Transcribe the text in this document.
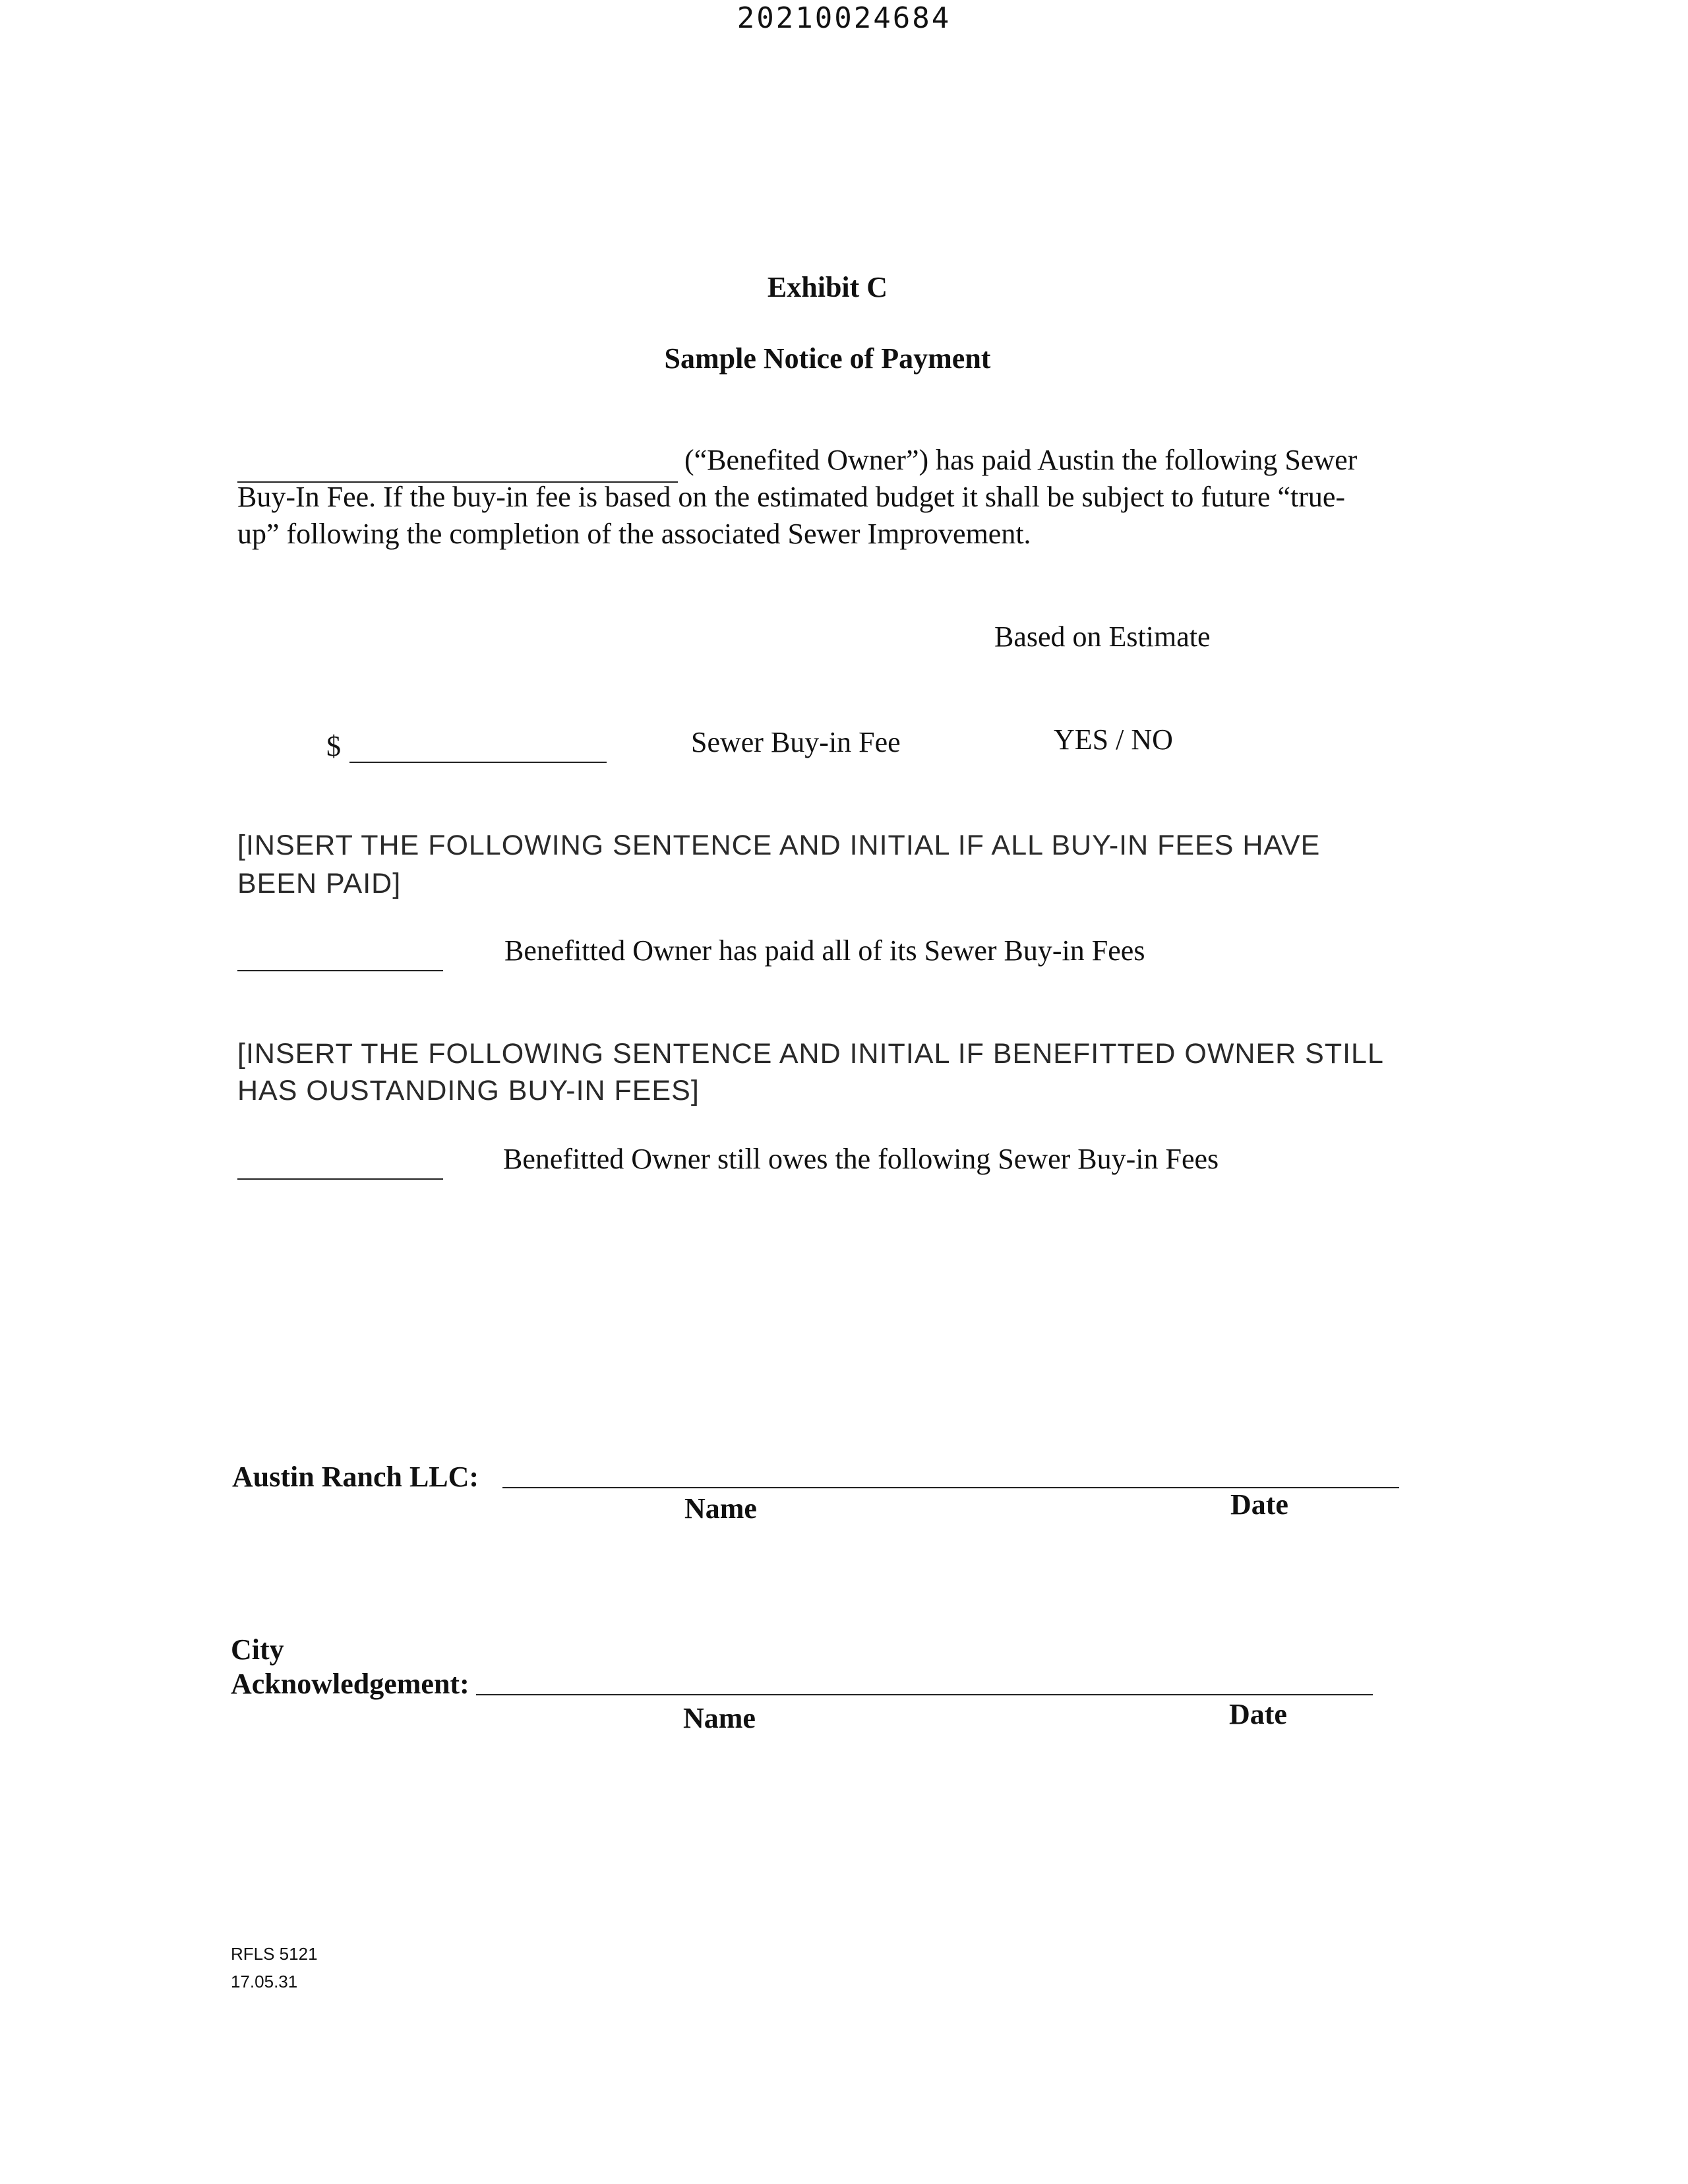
20210024684
Exhibit C
Sample Notice of Payment
(“Benefited Owner”) has paid Austin the following Sewer
Buy-In Fee. If the buy-in fee is based on the estimated budget it shall be subject to future “true-
up” following the completion of the associated Sewer Improvement.
Based on Estimate
$	Sewer Buy-in Fee	YES / NO
[INSERT THE FOLLOWING SENTENCE AND INITIAL IF ALL BUY-IN FEES HAVE
BEEN PAID]
Benefitted Owner has paid all of its Sewer Buy-in Fees
[INSERT THE FOLLOWING SENTENCE AND INITIAL IF BENEFITTED OWNER STILL
HAS OUSTANDING BUY-IN FEES]
Benefitted Owner still owes the following Sewer Buy-in Fees
Austin Ranch LLC:
Name	Date
City
Acknowledgement:
Name	Date
RFLS 5121
17.05.31
